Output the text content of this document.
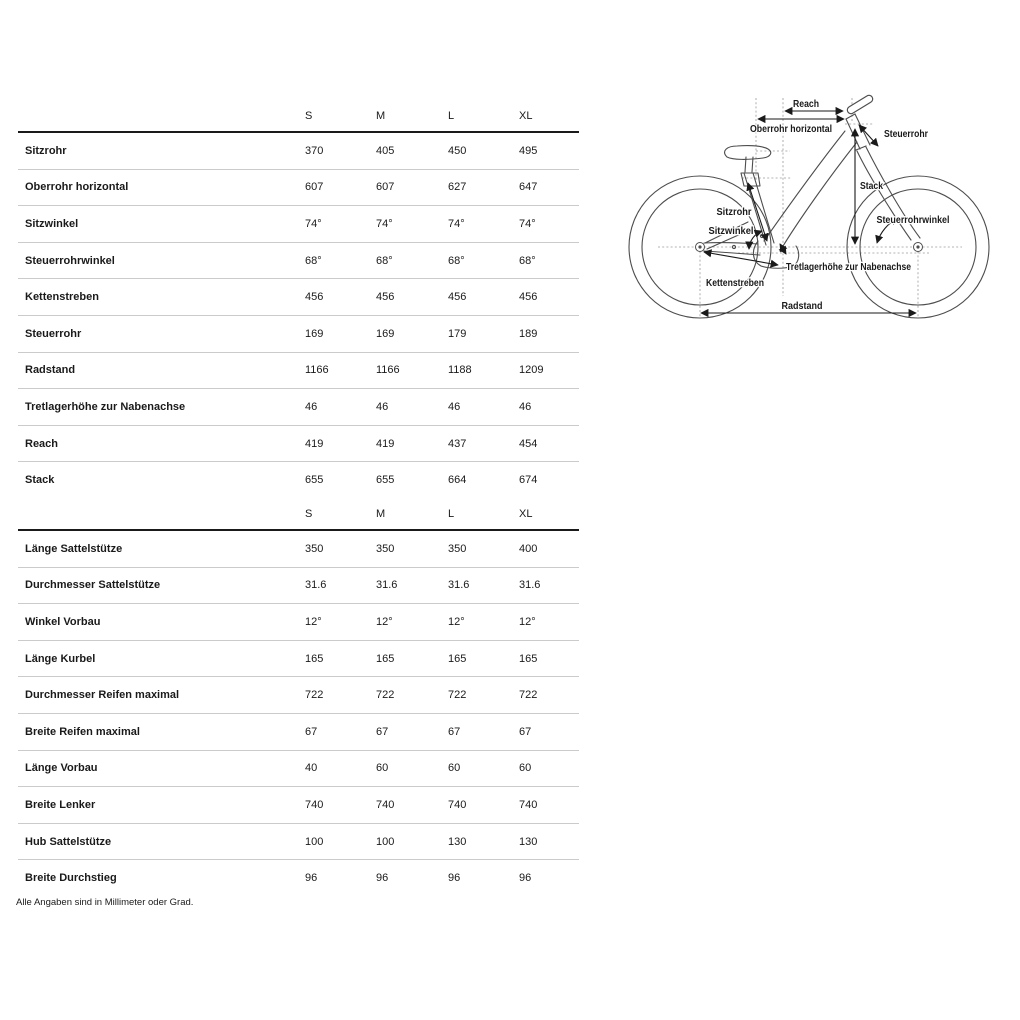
S	M	L	XL
Sitzrohr	370	405	450	495
Oberrohr horizontal	607	607	627	647
Sitzwinkel	74°	74°	74°	74°
Steuerrohrwinkel	68°	68°	68°	68°
Kettenstreben	456	456	456	456
Steuerrohr	169	169	179	189
Radstand	1166	1166	1188	1209
Tretlagerhöhe zur Nabenachse	46	46	46	46
Reach	419	419	437	454
Stack	655	655	664	674
S	M	L	XL
Länge Sattelstütze	350	350	350	400
Durchmesser Sattelstütze	31.6	31.6	31.6	31.6
Winkel Vorbau	12°	12°	12°	12°
Länge Kurbel	165	165	165	165
Durchmesser Reifen maximal	722	722	722	722
Breite Reifen maximal	67	67	67	67
Länge Vorbau	40	60	60	60
Breite Lenker	740	740	740	740
Hub Sattelstütze	100	100	130	130
Breite Durchstieg	96	96	96	96
Alle Angaben sind in Millimeter oder Grad.
Reach
Oberrohr horizontal	Steuerrohr
Stack
Steuerrohrwinkel
Sitzrohr
Sitzwinkel
Tretlagerhöhe zur Nabenachse
Kettenstreben
Radstand
